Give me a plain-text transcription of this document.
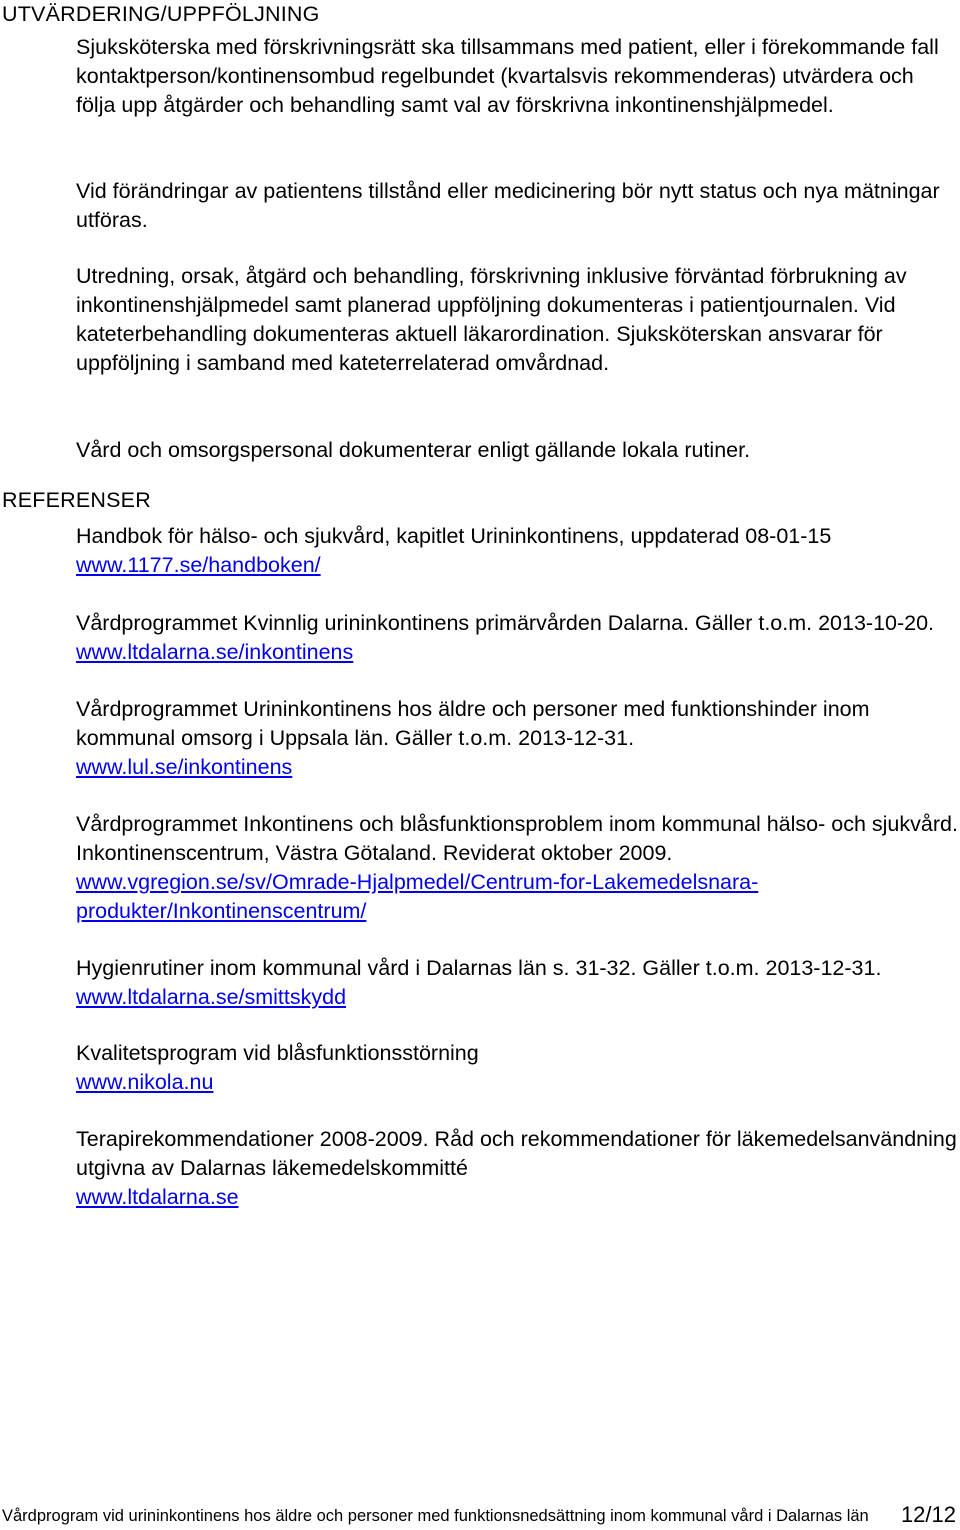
UTVÄRDERING/UPPFÖLJNING

Sjuksköterska med förskrivningsrätt ska tillsammans med patient, eller i förekommande fall kontaktperson/kontinensombud regelbundet (kvartalsvis rekommenderas) utvärdera och följa upp åtgärder och behandling samt val av förskrivna inkontinenshjälpmedel.

Vid förändringar av patientens tillstånd eller medicinering bör nytt status och nya mätningar utföras.

Utredning, orsak, åtgärd och behandling, förskrivning inklusive förväntad förbrukning av inkontinenshjälpmedel samt planerad uppföljning dokumenteras i patientjournalen. Vid kateterbehandling dokumenteras aktuell läkarordination. Sjuksköterskan ansvarar för uppföljning i samband med kateterrelaterad omvårdnad.

Vård och omsorgspersonal dokumenterar enligt gällande lokala rutiner.

REFERENSER
Handbok för hälso- och sjukvård, kapitlet Urininkontinens, uppdaterad 08-01-15
www.1177.se/handboken/
Vårdprogrammet Kvinnlig urininkontinens primärvården Dalarna. Gäller t.o.m. 2013-10-20. www.ltdalarna.se/inkontinens
Vårdprogrammet Urininkontinens hos äldre och personer med funktionshinder inom kommunal omsorg i Uppsala län. Gäller t.o.m. 2013-12-31.
www.lul.se/inkontinens
Vårdprogrammet Inkontinens och blåsfunktionsproblem inom kommunal hälso- och sjukvård. Inkontinenscentrum, Västra Götaland. Reviderat oktober 2009. www.vgregion.se/sv/Omrade-Hjalpmedel/Centrum-for-Lakemedelsnara-produkter/Inkontinenscentrum/
Hygienrutiner inom kommunal vård i Dalarnas län s. 31-32. Gäller t.o.m. 2013-12-31. www.ltdalarna.se/smittskydd
Kvalitetsprogram vid blåsfunktionsstörning
www.nikola.nu
Terapirekommendationer 2008-2009. Råd och rekommendationer för läkemedelsanvändning utgivna av Dalarnas läkemedelskommitté
www.ltdalarna.se
Vårdprogram vid urininkontinens hos äldre och personer med funktionsnedsättning inom kommunal vård i Dalarnas län 12/12
